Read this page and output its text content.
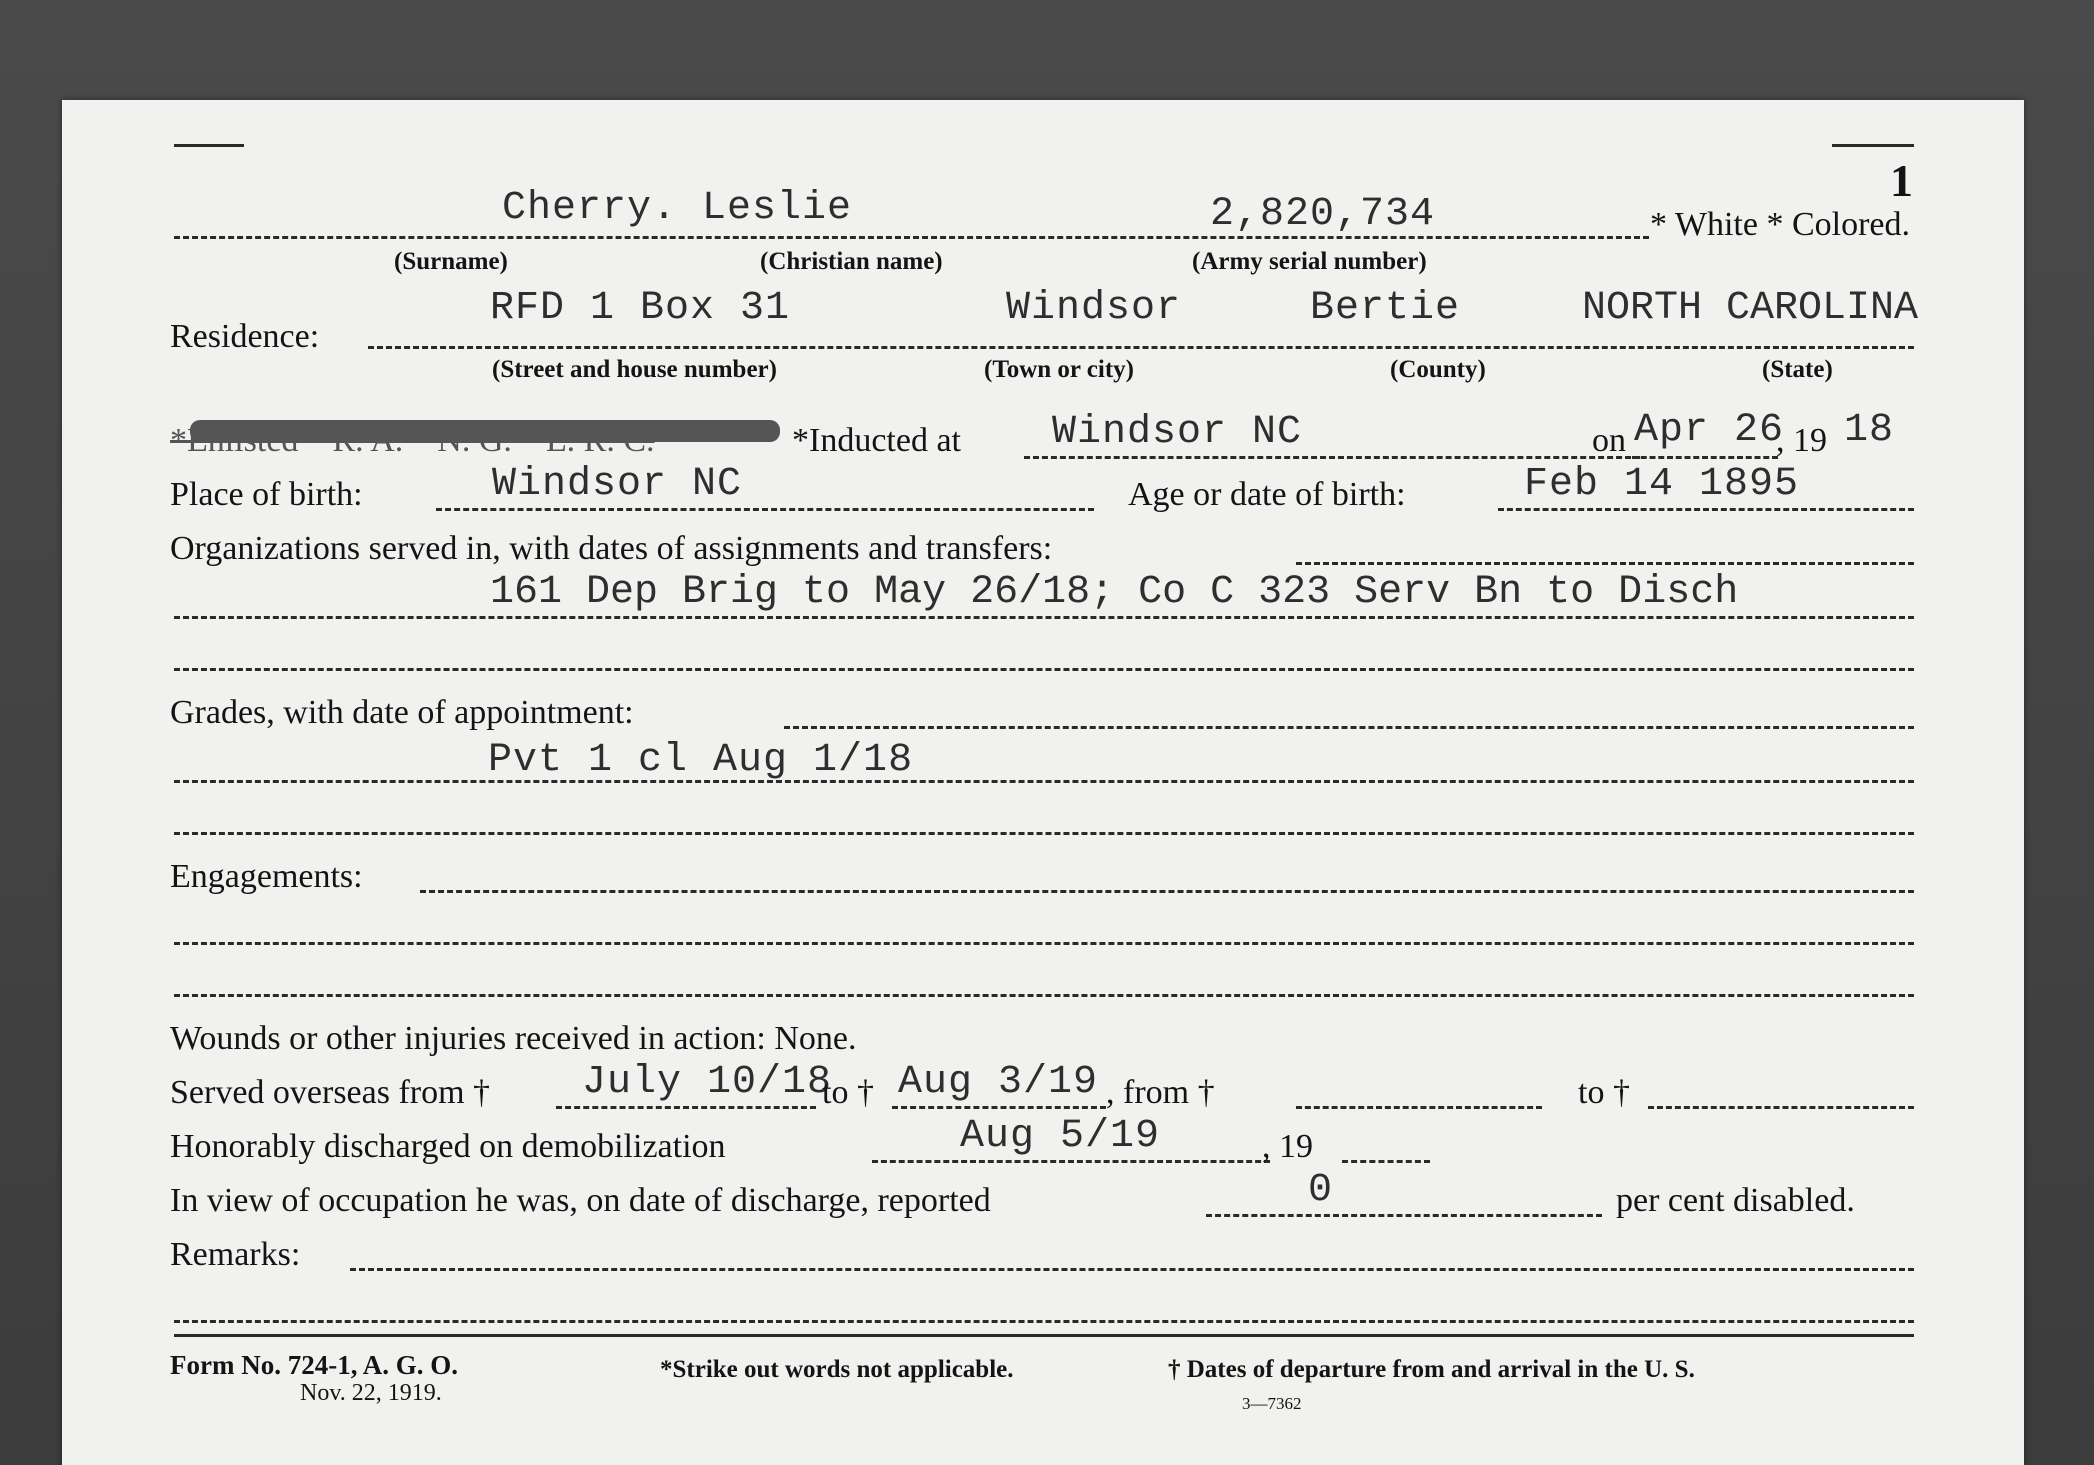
1
Cherry. Leslie	2,820,734	* White * Colored.
(Surname)	(Christian name)	(Army serial number)
Residence:
RFD 1 Box 31	Windsor	Bertie	NORTH CAROLINA
(Street and house number)	(Town or city)	(County)	(State)
*Enlisted * R. A. * N. G. * E. R. C.	*Inducted at Windsor NC	on Apr 26
, 19 18
Place of birth:	Windsor NC	Age or date of birth:	Feb 14 1895
Organizations served in, with dates of assignments and transfers:
161 Dep Brig to May 26/18; Co C 323 Serv Bn to Disch
Grades, with date of appointment:
Pvt 1 cl Aug 1/18
Engagements:
Wounds or other injuries received in action: None.
Served overseas from † July 10/18
to † Aug 3/19 , from †	to †
Honorably discharged on demobilization	Aug 5/19	, 19
In view of occupation he was, on date of discharge, reported	0	per cent disabled.
Remarks:
Form No. 724-1, A. G. O.
Nov. 22, 1919.
*Strike out words not applicable.	† Dates of departure from and arrival in the U. S.
3—7362
